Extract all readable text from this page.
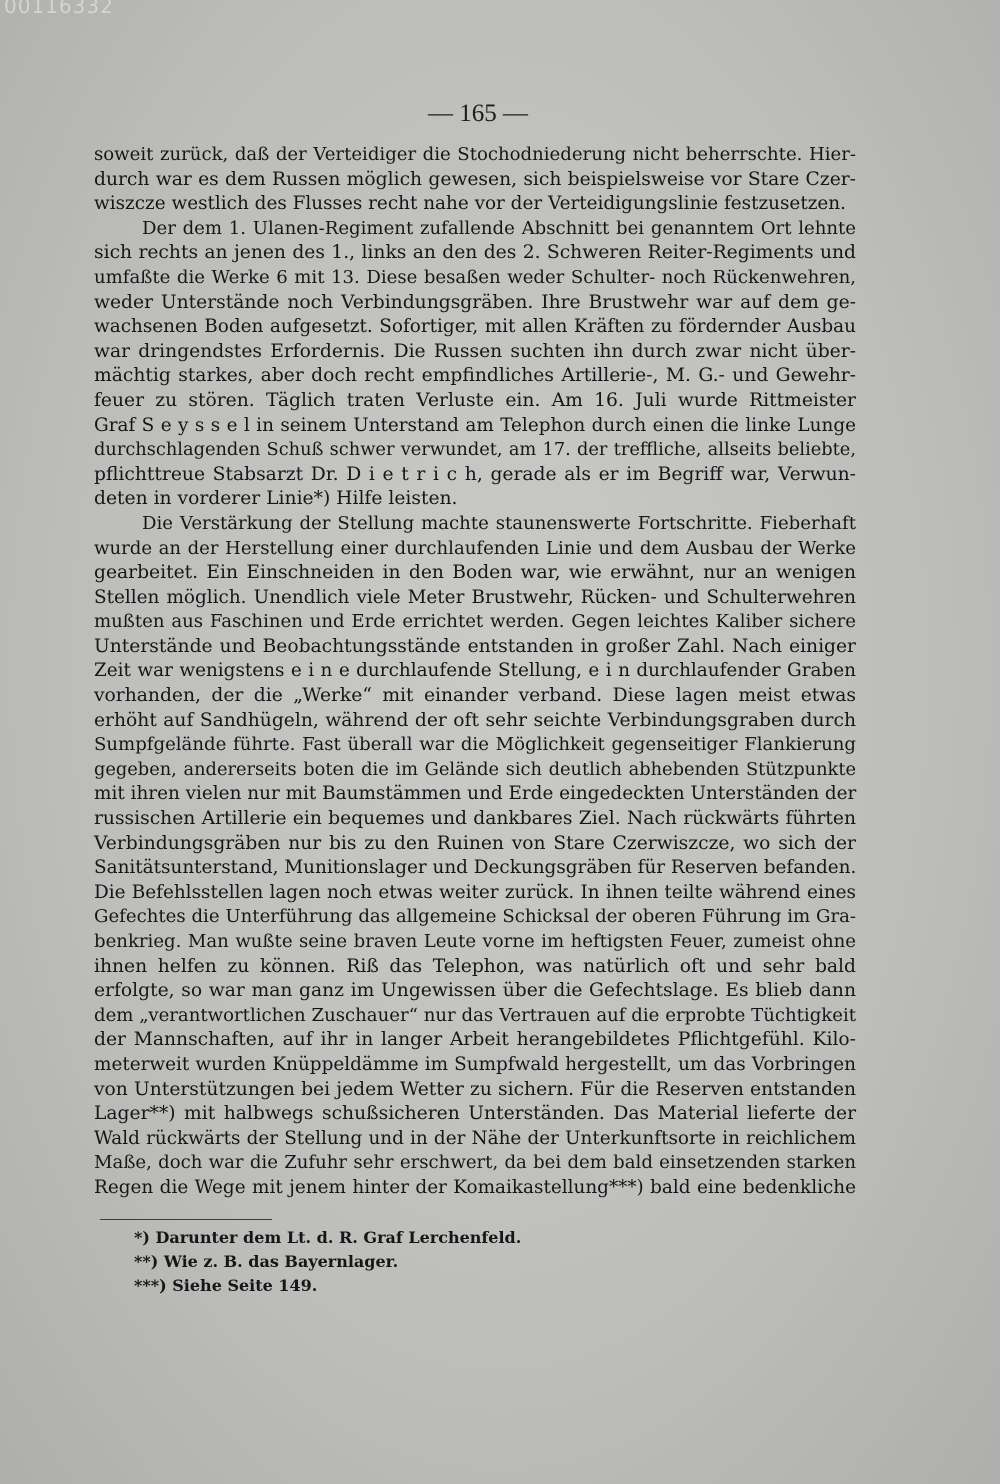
00116332
— 165 —
soweit zurück, daß der Verteidiger die Stochodniederung nicht beherrschte. Hier-
durch war es dem Russen möglich gewesen, sich beispielsweise vor Stare Czer-
wiszcze westlich des Flusses recht nahe vor der Verteidigungslinie festzusetzen.
Der dem 1. Ulanen-Regiment zufallende Abschnitt bei genanntem Ort lehnte
sich rechts an jenen des 1., links an den des 2. Schweren Reiter-Regiments und
umfaßte die Werke 6 mit 13. Diese besaßen weder Schulter- noch Rückenwehren,
weder Unterstände noch Verbindungsgräben. Ihre Brustwehr war auf dem ge-
wachsenen Boden aufgesetzt. Sofortiger, mit allen Kräften zu fördernder Ausbau
war dringendstes Erfordernis. Die Russen suchten ihn durch zwar nicht über-
mächtig starkes, aber doch recht empfindliches Artillerie-, M. G.- und Gewehr-
feuer zu stören. Täglich traten Verluste ein. Am 16. Juli wurde Rittmeister
Graf S e y s s e l in seinem Unterstand am Telephon durch einen die linke Lunge
durchschlagenden Schuß schwer verwundet, am 17. der treffliche, allseits beliebte,
pflichttreue Stabsarzt Dr. D i e t r i c h, gerade als er im Begriff war, Verwun-
deten in vorderer Linie*) Hilfe leisten.
Die Verstärkung der Stellung machte staunenswerte Fortschritte. Fieberhaft
wurde an der Herstellung einer durchlaufenden Linie und dem Ausbau der Werke
gearbeitet. Ein Einschneiden in den Boden war, wie erwähnt, nur an wenigen
Stellen möglich. Unendlich viele Meter Brustwehr, Rücken- und Schulterwehren
mußten aus Faschinen und Erde errichtet werden. Gegen leichtes Kaliber sichere
Unterstände und Beobachtungsstände entstanden in großer Zahl. Nach einiger
Zeit war wenigstens e i n e durchlaufende Stellung, e i n durchlaufender Graben
vorhanden, der die „Werke“ mit einander verband. Diese lagen meist etwas
erhöht auf Sandhügeln, während der oft sehr seichte Verbindungsgraben durch
Sumpfgelände führte. Fast überall war die Möglichkeit gegenseitiger Flankierung
gegeben, andererseits boten die im Gelände sich deutlich abhebenden Stützpunkte
mit ihren vielen nur mit Baumstämmen und Erde eingedeckten Unterständen der
russischen Artillerie ein bequemes und dankbares Ziel. Nach rückwärts führten
Verbindungsgräben nur bis zu den Ruinen von Stare Czerwiszcze, wo sich der
Sanitätsunterstand, Munitionslager und Deckungsgräben für Reserven befanden.
Die Befehlsstellen lagen noch etwas weiter zurück. In ihnen teilte während eines
Gefechtes die Unterführung das allgemeine Schicksal der oberen Führung im Gra-
benkrieg. Man wußte seine braven Leute vorne im heftigsten Feuer, zumeist ohne
ihnen helfen zu können. Riß das Telephon, was natürlich oft und sehr bald
erfolgte, so war man ganz im Ungewissen über die Gefechtslage. Es blieb dann
dem „verantwortlichen Zuschauer“ nur das Vertrauen auf die erprobte Tüchtigkeit
der Mannschaften, auf ihr in langer Arbeit herangebildetes Pflichtgefühl. Kilo-
meterweit wurden Knüppeldämme im Sumpfwald hergestellt, um das Vorbringen
von Unterstützungen bei jedem Wetter zu sichern. Für die Reserven entstanden
Lager**) mit halbwegs schußsicheren Unterständen. Das Material lieferte der
Wald rückwärts der Stellung und in der Nähe der Unterkunftsorte in reichlichem
Maße, doch war die Zufuhr sehr erschwert, da bei dem bald einsetzenden starken
Regen die Wege mit jenem hinter der Komaikastellung***) bald eine bedenkliche
*) Darunter dem Lt. d. R. Graf Lerchenfeld.
**) Wie z. B. das Bayernlager.
***) Siehe Seite 149.
